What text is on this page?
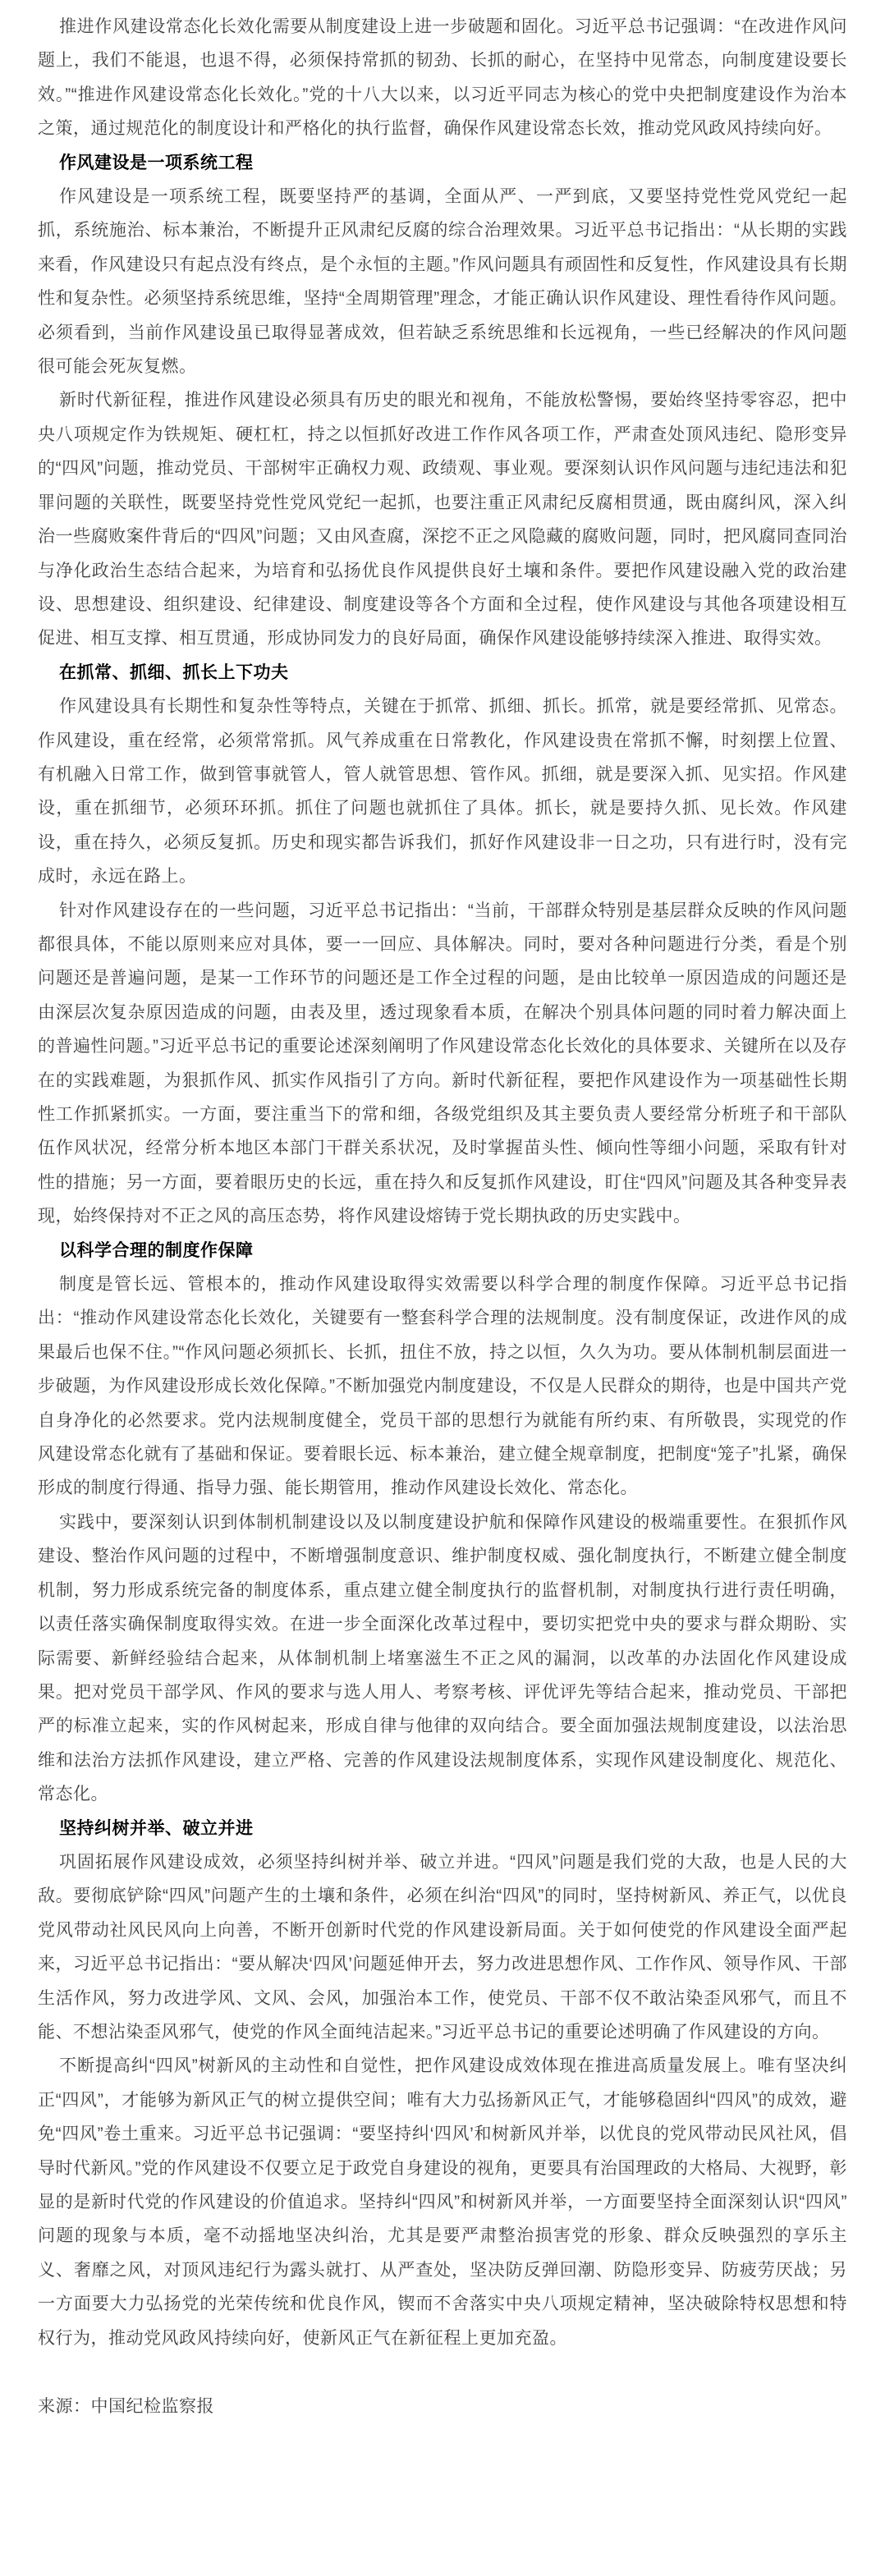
推进作风建设常态化长效化需要从制度建设上进一步破题和固化。习近平总书记强调：“在改进作风问题上，我们不能退，也退不得，必须保持常抓的韧劲、长抓的耐心，在坚持中见常态，向制度建设要长效。”“推进作风建设常态化长效化。”党的十八大以来，以习近平同志为核心的党中央把制度建设作为治本之策，通过规范化的制度设计和严格化的执行监督，确保作风建设常态长效，推动党风政风持续向好。

作风建设是一项系统工程

作风建设是一项系统工程，既要坚持严的基调，全面从严、一严到底，又要坚持党性党风党纪一起抓，系统施治、标本兼治，不断提升正风肃纪反腐的综合治理效果。习近平总书记指出：“从长期的实践来看，作风建设只有起点没有终点，是个永恒的主题。”作风问题具有顽固性和反复性，作风建设具有长期性和复杂性。必须坚持系统思维，坚持“全周期管理”理念，才能正确认识作风建设、理性看待作风问题。必须看到，当前作风建设虽已取得显著成效，但若缺乏系统思维和长远视角，一些已经解决的作风问题很可能会死灰复燃。

新时代新征程，推进作风建设必须具有历史的眼光和视角，不能放松警惕，要始终坚持零容忍，把中央八项规定作为铁规矩、硬杠杠，持之以恒抓好改进工作作风各项工作，严肃查处顶风违纪、隐形变异的“四风”问题，推动党员、干部树牢正确权力观、政绩观、事业观。要深刻认识作风问题与违纪违法和犯罪问题的关联性，既要坚持党性党风党纪一起抓，也要注重正风肃纪反腐相贯通，既由腐纠风，深入纠治一些腐败案件背后的“四风”问题；又由风查腐，深挖不正之风隐藏的腐败问题，同时，把风腐同查同治与净化政治生态结合起来，为培育和弘扬优良作风提供良好土壤和条件。要把作风建设融入党的政治建设、思想建设、组织建设、纪律建设、制度建设等各个方面和全过程，使作风建设与其他各项建设相互促进、相互支撑、相互贯通，形成协同发力的良好局面，确保作风建设能够持续深入推进、取得实效。

在抓常、抓细、抓长上下功夫

作风建设具有长期性和复杂性等特点，关键在于抓常、抓细、抓长。抓常，就是要经常抓、见常态。作风建设，重在经常，必须常常抓。风气养成重在日常教化，作风建设贵在常抓不懈，时刻摆上位置、有机融入日常工作，做到管事就管人，管人就管思想、管作风。抓细，就是要深入抓、见实招。作风建设，重在抓细节，必须环环抓。抓住了问题也就抓住了具体。抓长，就是要持久抓、见长效。作风建设，重在持久，必须反复抓。历史和现实都告诉我们，抓好作风建设非一日之功，只有进行时，没有完成时，永远在路上。

针对作风建设存在的一些问题，习近平总书记指出：“当前，干部群众特别是基层群众反映的作风问题都很具体，不能以原则来应对具体，要一一回应、具体解决。同时，要对各种问题进行分类，看是个别问题还是普遍问题，是某一工作环节的问题还是工作全过程的问题，是由比较单一原因造成的问题还是由深层次复杂原因造成的问题，由表及里，透过现象看本质，在解决个别具体问题的同时着力解决面上的普遍性问题。”习近平总书记的重要论述深刻阐明了作风建设常态化长效化的具体要求、关键所在以及存在的实践难题，为狠抓作风、抓实作风指引了方向。新时代新征程，要把作风建设作为一项基础性长期性工作抓紧抓实。一方面，要注重当下的常和细，各级党组织及其主要负责人要经常分析班子和干部队伍作风状况，经常分析本地区本部门干群关系状况，及时掌握苗头性、倾向性等细小问题，采取有针对性的措施；另一方面，要着眼历史的长远，重在持久和反复抓作风建设，盯住“四风”问题及其各种变异表现，始终保持对不正之风的高压态势，将作风建设熔铸于党长期执政的历史实践中。

以科学合理的制度作保障

制度是管长远、管根本的，推动作风建设取得实效需要以科学合理的制度作保障。习近平总书记指出：“推动作风建设常态化长效化，关键要有一整套科学合理的法规制度。没有制度保证，改进作风的成果最后也保不住。”“作风问题必须抓长、长抓，扭住不放，持之以恒，久久为功。要从体制机制层面进一步破题，为作风建设形成长效化保障。”不断加强党内制度建设，不仅是人民群众的期待，也是中国共产党自身净化的必然要求。党内法规制度健全，党员干部的思想行为就能有所约束、有所敬畏，实现党的作风建设常态化就有了基础和保证。要着眼长远、标本兼治，建立健全规章制度，把制度“笼子”扎紧，确保形成的制度行得通、指导力强、能长期管用，推动作风建设长效化、常态化。

实践中，要深刻认识到体制机制建设以及以制度建设护航和保障作风建设的极端重要性。在狠抓作风建设、整治作风问题的过程中，不断增强制度意识、维护制度权威、强化制度执行，不断建立健全制度机制，努力形成系统完备的制度体系，重点建立健全制度执行的监督机制，对制度执行进行责任明确，以责任落实确保制度取得实效。在进一步全面深化改革过程中，要切实把党中央的要求与群众期盼、实际需要、新鲜经验结合起来，从体制机制上堵塞滋生不正之风的漏洞，以改革的办法固化作风建设成果。把对党员干部学风、作风的要求与选人用人、考察考核、评优评先等结合起来，推动党员、干部把严的标准立起来，实的作风树起来，形成自律与他律的双向结合。要全面加强法规制度建设，以法治思维和法治方法抓作风建设，建立严格、完善的作风建设法规制度体系，实现作风建设制度化、规范化、常态化。

坚持纠树并举、破立并进

巩固拓展作风建设成效，必须坚持纠树并举、破立并进。“四风”问题是我们党的大敌，也是人民的大敌。要彻底铲除“四风”问题产生的土壤和条件，必须在纠治“四风”的同时，坚持树新风、养正气，以优良党风带动社风民风向上向善，不断开创新时代党的作风建设新局面。关于如何使党的作风建设全面严起来，习近平总书记指出：“要从解决‘四风’问题延伸开去，努力改进思想作风、工作作风、领导作风、干部生活作风，努力改进学风、文风、会风，加强治本工作，使党员、干部不仅不敢沾染歪风邪气，而且不能、不想沾染歪风邪气，使党的作风全面纯洁起来。”习近平总书记的重要论述明确了作风建设的方向。

不断提高纠“四风”树新风的主动性和自觉性，把作风建设成效体现在推进高质量发展上。唯有坚决纠正“四风”，才能够为新风正气的树立提供空间；唯有大力弘扬新风正气，才能够稳固纠“四风”的成效，避免“四风”卷土重来。习近平总书记强调：“要坚持纠‘四风’和树新风并举，以优良的党风带动民风社风，倡导时代新风。”党的作风建设不仅要立足于政党自身建设的视角，更要具有治国理政的大格局、大视野，彰显的是新时代党的作风建设的价值追求。坚持纠“四风”和树新风并举，一方面要坚持全面深刻认识“四风”问题的现象与本质，毫不动摇地坚决纠治，尤其是要严肃整治损害党的形象、群众反映强烈的享乐主义、奢靡之风，对顶风违纪行为露头就打、从严查处，坚决防反弹回潮、防隐形变异、防疲劳厌战；另一方面要大力弘扬党的光荣传统和优良作风，锲而不舍落实中央八项规定精神，坚决破除特权思想和特权行为，推动党风政风持续向好，使新风正气在新征程上更加充盈。

来源：中国纪检监察报
